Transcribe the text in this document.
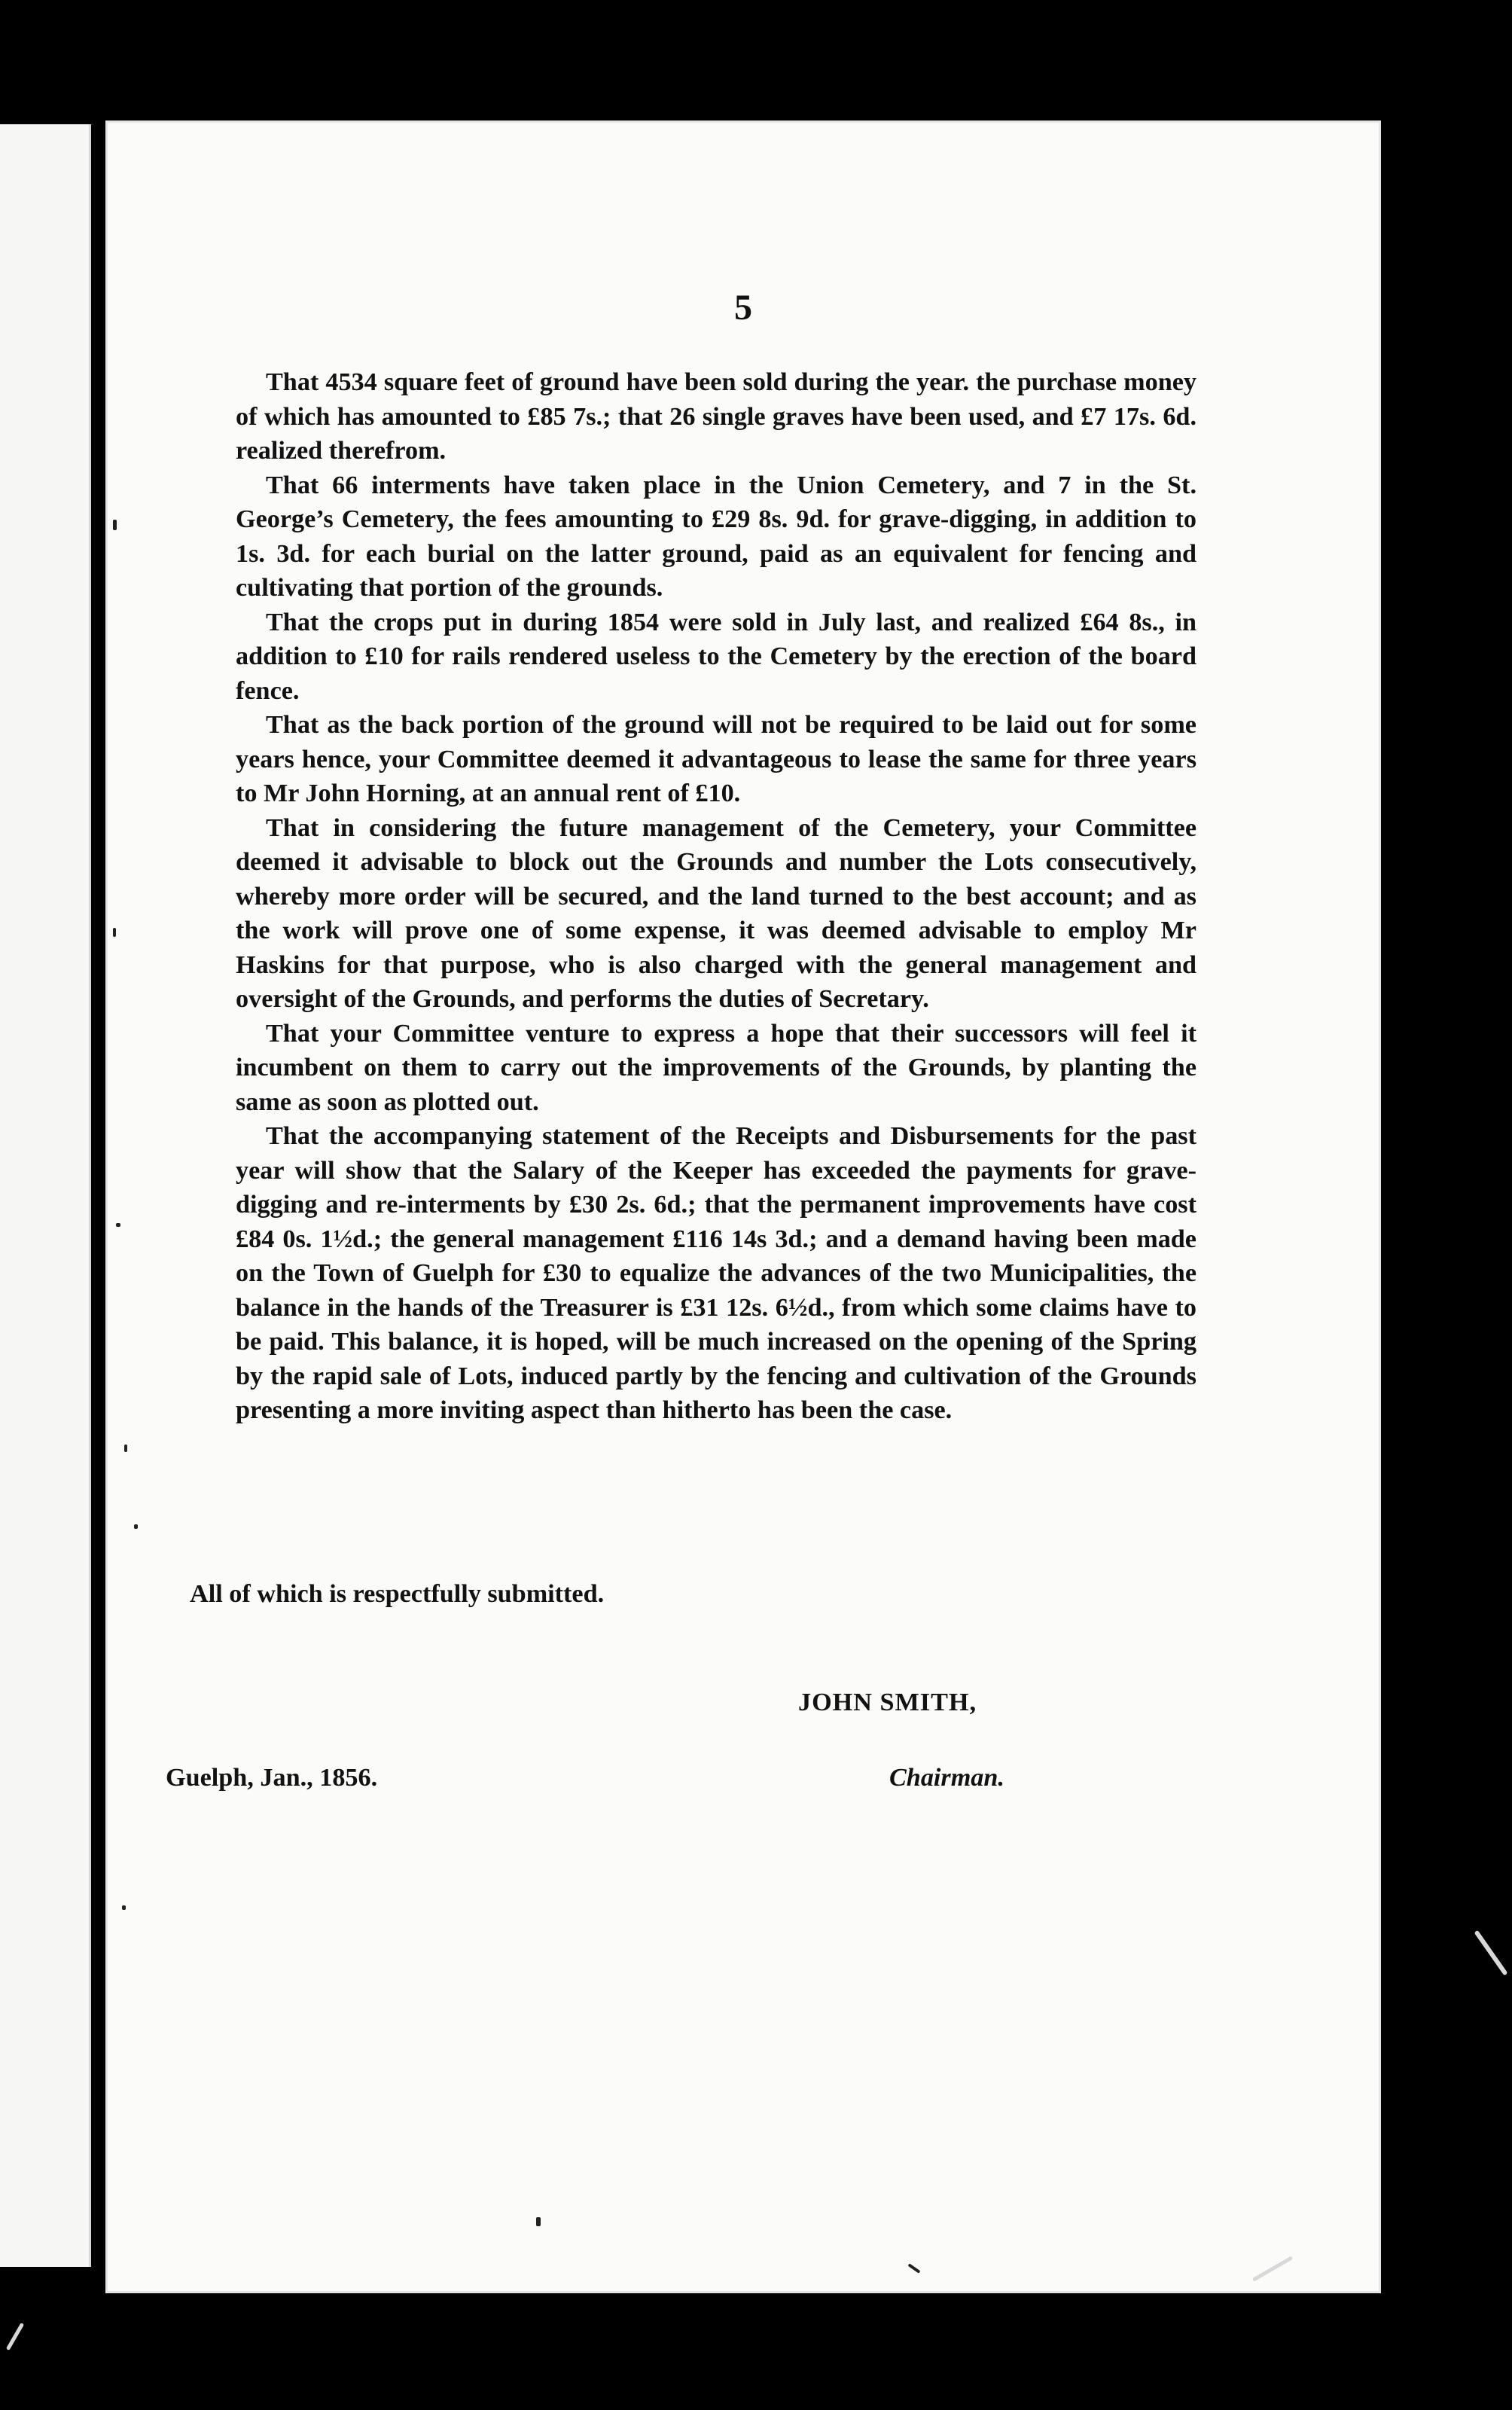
5

That 4534 square feet of ground have been sold during the year. the purchase money of which has amounted to £85 7s.; that 26 single graves have been used, and £7 17s. 6d. realized therefrom.

That 66 interments have taken place in the Union Cemetery, and 7 in the St. George’s Cemetery, the fees amounting to £29 8s. 9d. for grave-digging, in addition to 1s. 3d. for each burial on the latter ground, paid as an equivalent for fencing and cultivating that portion of the grounds.

That the crops put in during 1854 were sold in July last, and realized £64 8s., in addition to £10 for rails rendered useless to the Cemetery by the erection of the board fence.

That as the back portion of the ground will not be required to be laid out for some years hence, your Committee deemed it advantageous to lease the same for three years to Mr John Horning, at an annual rent of £10.

That in considering the future management of the Cemetery, your Committee deemed it advisable to block out the Grounds and number the Lots consecutively, whereby more order will be secured, and the land turned to the best account; and as the work will prove one of some expense, it was deemed advisable to employ Mr Haskins for that purpose, who is also charged with the general management and oversight of the Grounds, and performs the duties of Secretary.

That your Committee venture to express a hope that their successors will feel it incumbent on them to carry out the improvements of the Grounds, by planting the same as soon as plotted out.

That the accompanying statement of the Receipts and Disbursements for the past year will show that the Salary of the Keeper has exceeded the payments for grave-digging and re-interments by £30 2s. 6d.; that the permanent improvements have cost £84 0s. 1½d.; the general management £116 14s 3d.; and a demand having been made on the Town of Guelph for £30 to equalize the advances of the two Municipalities, the balance in the hands of the Treasurer is £31 12s. 6½d., from which some claims have to be paid. This balance, it is hoped, will be much increased on the opening of the Spring by the rapid sale of Lots, induced partly by the fencing and cultivation of the Grounds presenting a more inviting aspect than hitherto has been the case.

All of which is respectfully submitted.

JOHN SMITH,

Guelph, Jan., 1856.	Chairman.
